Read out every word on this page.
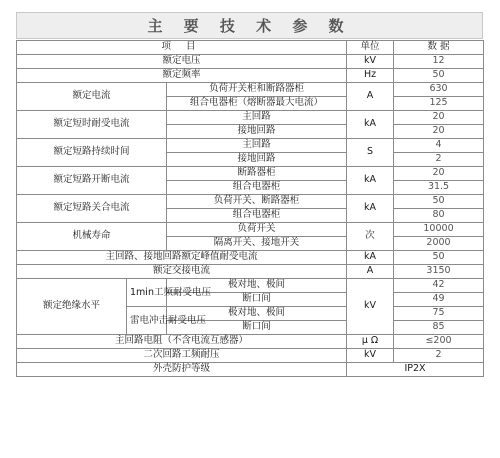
主 要 技 术 参 数
项 目			单位	数 据
额定电压			kV	12
额定频率			Hz	50
额定电流		负荷开关柜和断路器柜	A	630
		组合电器柜（熔断器最大电流）		125
额定短时耐受电流		主回路	kA	20
		接地回路		20
额定短路持续时间		主回路	S	4
		接地回路		2
额定短路开断电流		断路器柜	kA	20
		组合电器柜		31.5
额定短路关合电流		负荷开关、断路器柜	kA	50
		组合电器柜		80
机械寿命		负荷开关	次	10000
		隔离开关、接地开关		2000
主回路、接地回路额定峰值耐受电流			kA	50
额定交接电流			A	3150
额定绝缘水平	1min工频耐受电压	极对地、极间	kV	42
		断口间		49
	雷电冲击耐受电压	极对地、极间		75
		断口间		85
主回路电阻（不含电流互感器）			μ Ω	≤200
二次回路工频耐压			kV	2
外壳防护等级			IP2X	
